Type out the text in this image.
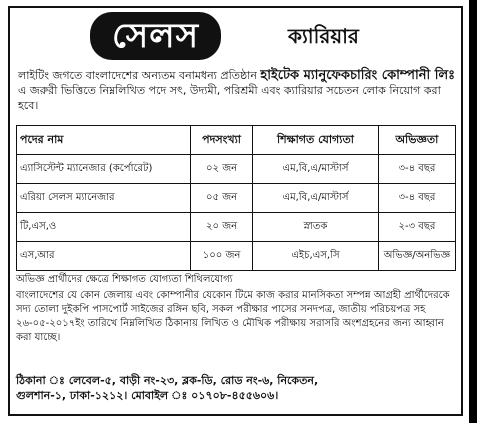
সেলস	ক্যারিয়ার
লাইটিং জগতে বাংলাদেশের অন্যতম বনামধন্য প্রতিষ্ঠান হাইটেক ম্যানুফেকচারিং কোম্পানী লিঃ এ জরুরী ভিত্তিতে নিম্নলিখিত পদে সৎ, উদ্যমী, পরিশ্রমী এবং ক্যারিয়ার সচেতন লোক নিয়োগ করা হবে।
পদের নাম	পদসংখ্যা	শিক্ষাগত যোগ্যতা	অভিজ্ঞতা
এ্যাসিস্টেন্ট ম্যানেজার (কর্পোরেট)	০২ জন	এম,বি,এ/মাস্টার্স	৩-৪ বছর
এরিয়া সেলস ম্যানেজার	০৫ জন	এম,বি,এ/মাস্টার্স	৩-৪ বছর
টি,এস,ও	২০ জন	স্নাতক	২-৩ বছর
এস,আর	১০০ জন	এইচ,এস,সি	অভিজ্ঞ/অনভিজ্ঞ

অভিজ্ঞ প্রার্থীদের ক্ষেত্রে শিক্ষাগত যোগ্যতা শিথিলযোগ্য

বাংলাদেশের যে কোন জেলায় এবং কোম্পানীর যেকোন টিমে কাজ করার মানসিকতা সম্পন্ন আগ্রহী প্রার্থীদেরকে সদ্য তোলা দুইকপি পাসপোর্ট সাইজের রঙ্গিন ছবি, সকল পরীক্ষার পাসের সনদপত্র, জাতীয় পরিচয়পত্র সহ ২৬-০৫-২০১৭ইং তারিখে নিম্নলিখিত ঠিকানায় লিখিত ও মৌখিক পরীক্ষায় সরাসরি অংশগ্রহনের জন্য আহ্বান করা যাচ্ছে।

ঠিকানা ঃ লেবেল-৫, বাড়ী নং-২৩, ব্লক-ডি, রোড নং-৬, নিকেতন,

গুলশান-১, ঢাকা-১২১২। মোবাইল ঃ ০১৭০৮-৪৫৫৬০৬।
